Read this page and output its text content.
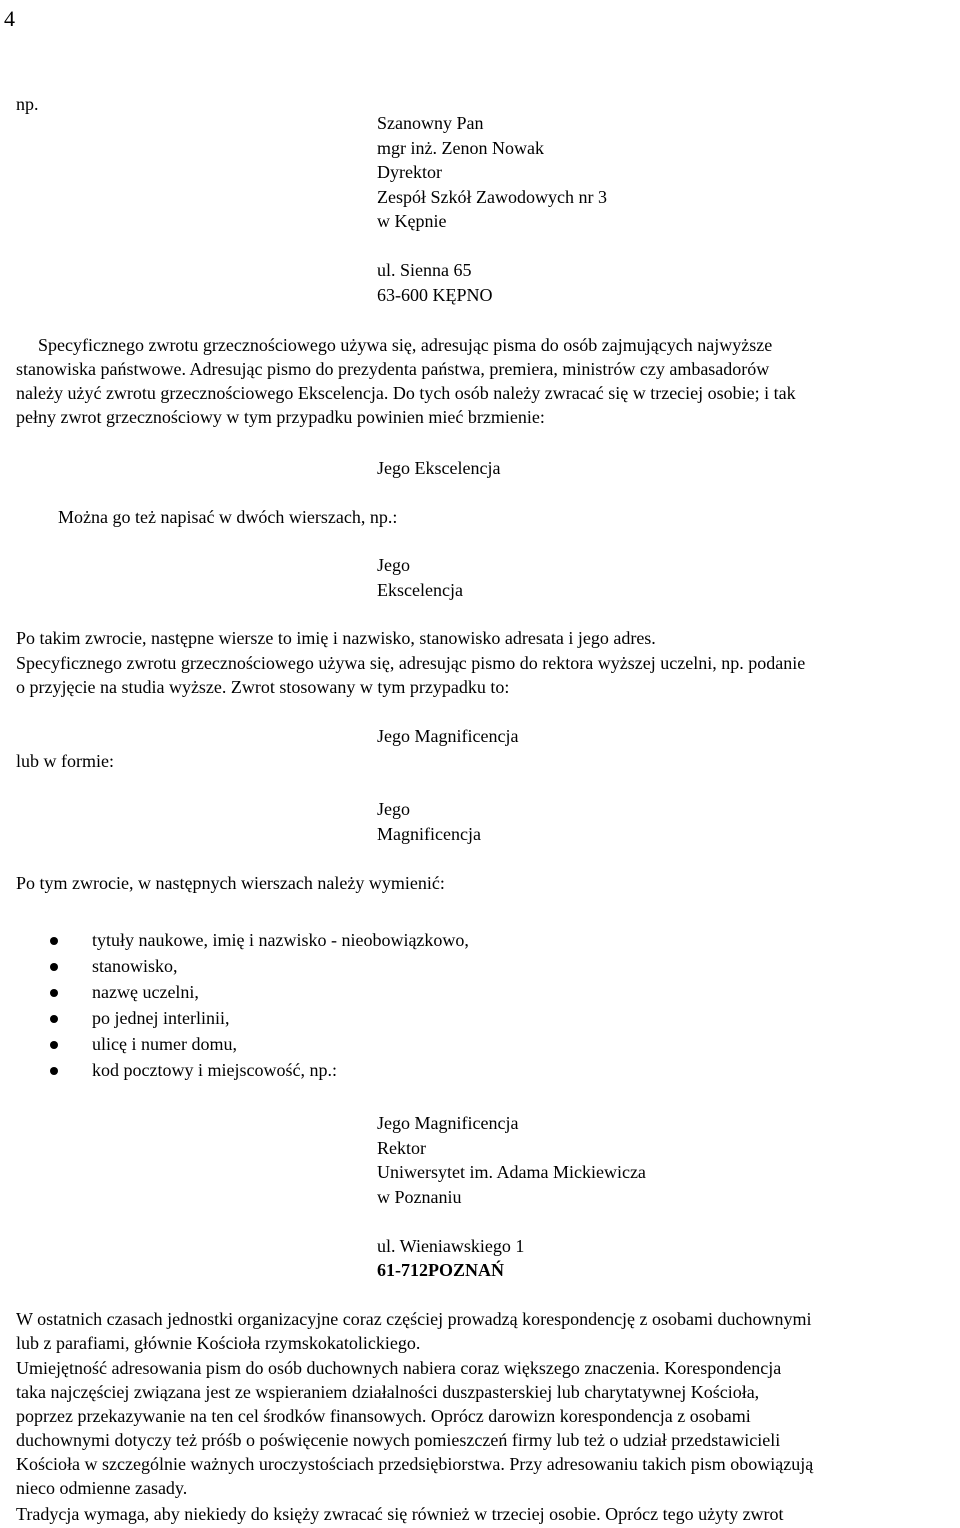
4
np.
Szanowny Pan
mgr inż. Zenon Nowak
Dyrektor
Zespół Szkół Zawodowych nr 3
w Kępnie
ul. Sienna 65
63-600 KĘPNO

Specyficznego zwrotu grzecznościowego używa się, adresując pisma do osób zajmujących najwyższe

stanowiska państwowe. Adresując pismo do prezydenta państwa, premiera, ministrów czy ambasadorów

należy użyć zwrotu grzecznościowego Ekscelencja. Do tych osób należy zwracać się w trzeciej osobie; i tak

pełny zwrot grzecznościowy w tym przypadku powinien mieć brzmienie:

Jego Ekscelencja
Można go też napisać w dwóch wierszach, np.:
Jego
Ekscelencja
Po takim zwrocie, następne wiersze to imię i nazwisko, stanowisko adresata i jego adres.

Specyficznego zwrotu grzecznościowego używa się, adresując pismo do rektora wyższej uczelni, np. podanie

o przyjęcie na studia wyższe. Zwrot stosowany w tym przypadku to:

Jego Magnificencja
lub w formie:
Jego
Magnificencja
Po tym zwrocie, w następnych wierszach należy wymienić:
tytuły naukowe, imię i nazwisko - nieobowiązkowo,
stanowisko,
nazwę uczelni,
po jednej interlinii,
ulicę i numer domu,
kod pocztowy i miejscowość, np.:
Jego Magnificencja
Rektor
Uniwersytet im. Adama Mickiewicza
w Poznaniu
ul. Wieniawskiego 1
61-712POZNAŃ

W ostatnich czasach jednostki organizacyjne coraz częściej prowadzą korespondencję z osobami duchownymi

lub z parafiami, głównie Kościoła rzymskokatolickiego.

Umiejętność adresowania pism do osób duchownych nabiera coraz większego znaczenia. Korespondencja

taka najczęściej związana jest ze wspieraniem działalności duszpasterskiej lub charytatywnej Kościoła,

poprzez przekazywanie na ten cel środków finansowych. Oprócz darowizn korespondencja z osobami

duchownymi dotyczy też próśb o poświęcenie nowych pomieszczeń firmy lub też o udział przedstawicieli

Kościoła w szczególnie ważnych uroczystościach przedsiębiorstwa. Przy adresowaniu takich pism obowiązują

nieco odmienne zasady.

Tradycja wymaga, aby niekiedy do księży zwracać się również w trzeciej osobie. Oprócz tego użyty zwrot
